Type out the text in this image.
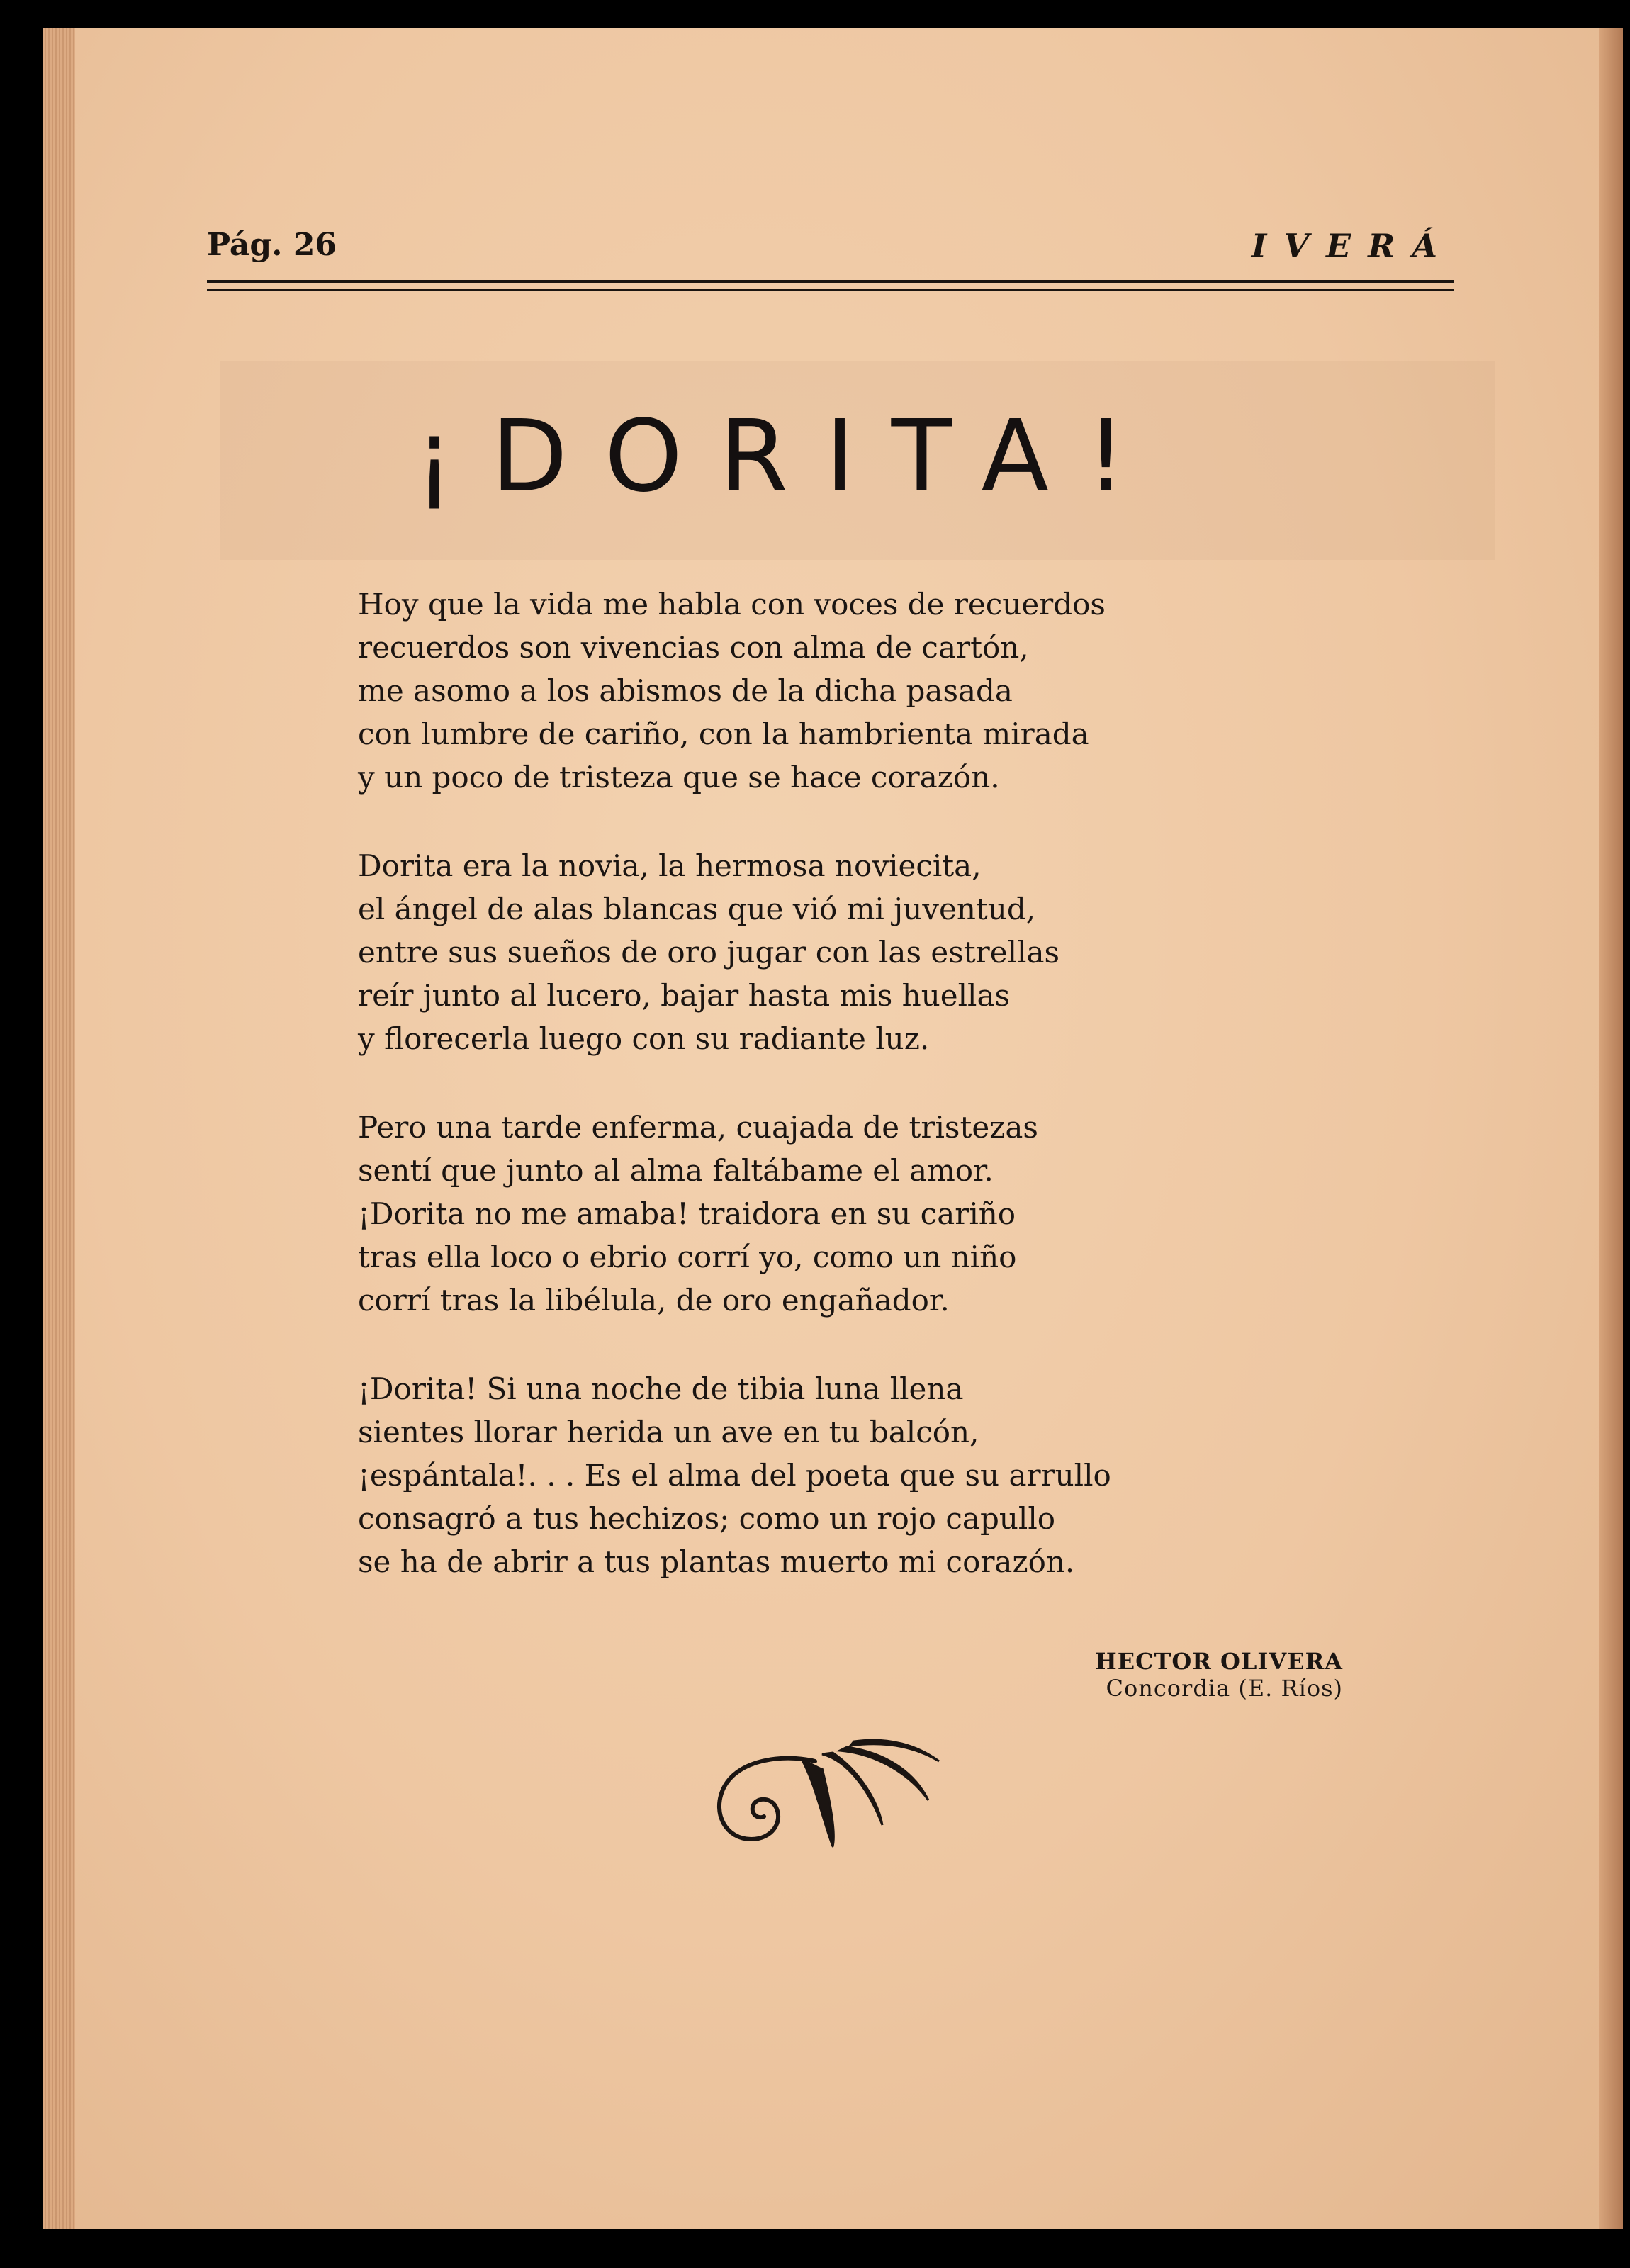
Pág. 26	IVERÁ
¡DORITA!
Hoy que la vida me habla con voces de recuerdos
recuerdos son vivencias con alma de cartón,
me asomo a los abismos de la dicha pasada
con lumbre de cariño, con la hambrienta mirada
y un poco de tristeza que se hace corazón.
Dorita era la novia, la hermosa noviecita,
el ángel de alas blancas que vió mi juventud,
entre sus sueños de oro jugar con las estrellas
reír junto al lucero, bajar hasta mis huellas
y florecerla luego con su radiante luz.
Pero una tarde enferma, cuajada de tristezas
sentí que junto al alma faltábame el amor.
¡Dorita no me amaba! traidora en su cariño
tras ella loco o ebrio corrí yo, como un niño
corrí tras la libélula, de oro engañador.
¡Dorita! Si una noche de tibia luna llena
sientes llorar herida un ave en tu balcón,
¡espántala!. . . Es el alma del poeta que su arrullo
consagró a tus hechizos; como un rojo capullo
se ha de abrir a tus plantas muerto mi corazón.
HECTOR OLIVERA
Concordia (E. Ríos)
